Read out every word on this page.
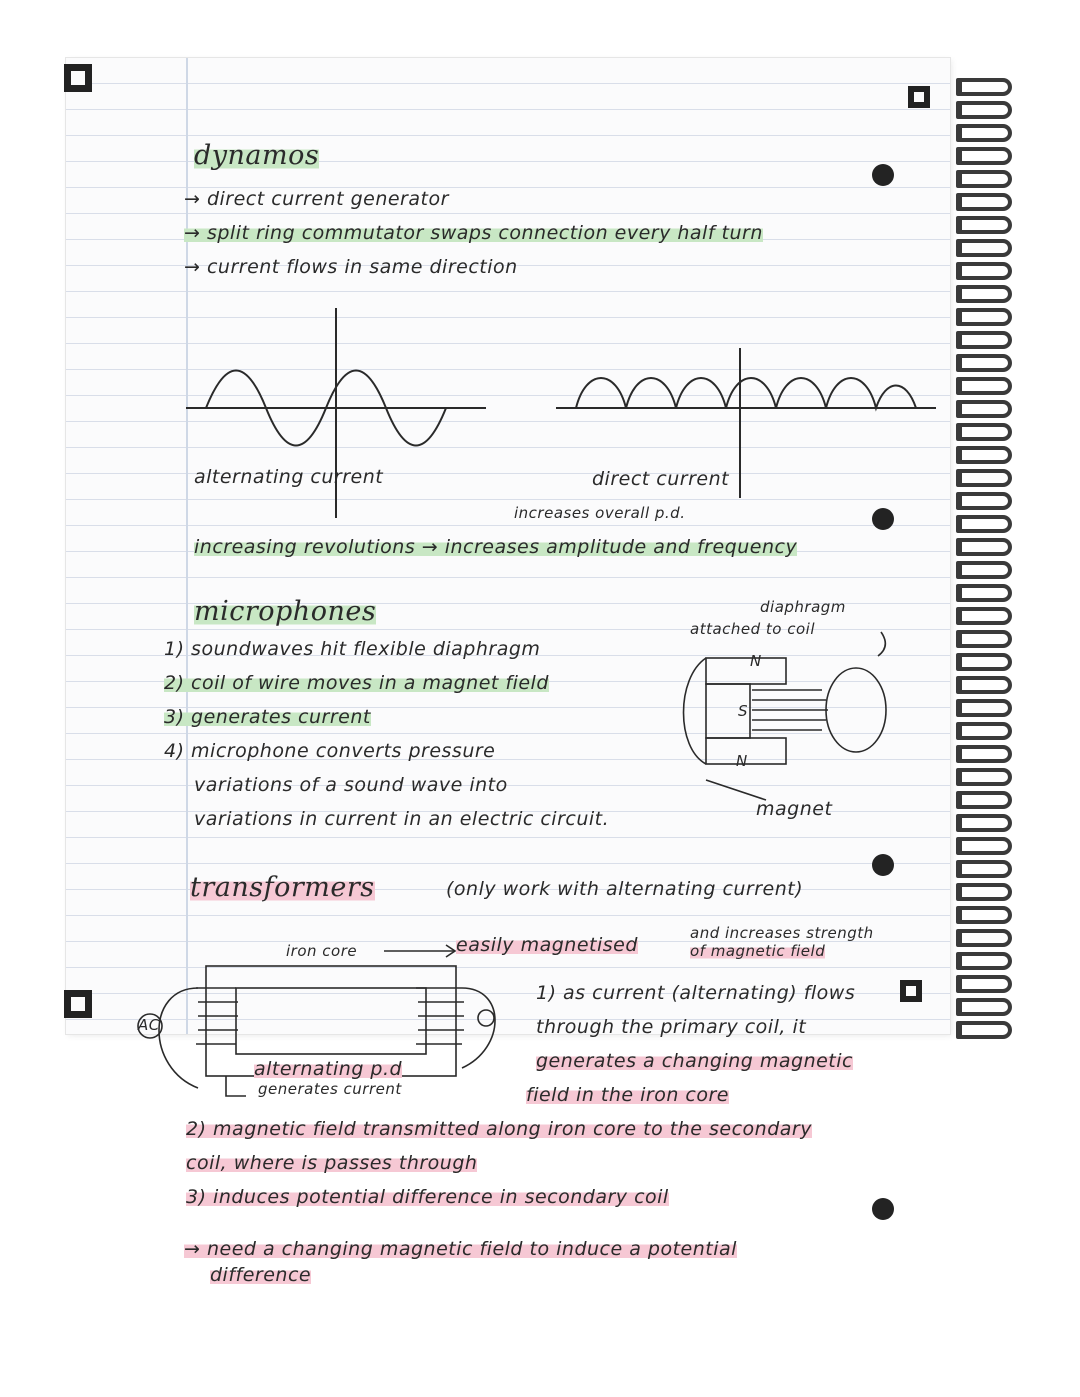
dynamos
→ direct current generator
→ split ring commutator swaps connection every half turn
→ current flows in same direction
alternating current	direct current
increases overall p.d.
increasing revolutions → increases amplitude and frequency
microphones
1) soundwaves hit flexible diaphragm
2) coil of wire moves in a magnet field
3) generates current
4) microphone converts pressure
variations of a sound wave into
variations in current in an electric circuit.
diaphragm
attached to coil
N
S
N
magnet
transformers	(only work with alternating current)
iron core	easily magnetised
and increases strength
of magnetic field
AC
alternating p.d
generates current
1) as current (alternating) flows
through the primary coil, it
generates a changing magnetic
field in the iron core
2) magnetic field transmitted along iron core to the secondary
coil, where is passes through
3) induces potential difference in secondary coil
→ need a changing magnetic field to induce a potential
difference
